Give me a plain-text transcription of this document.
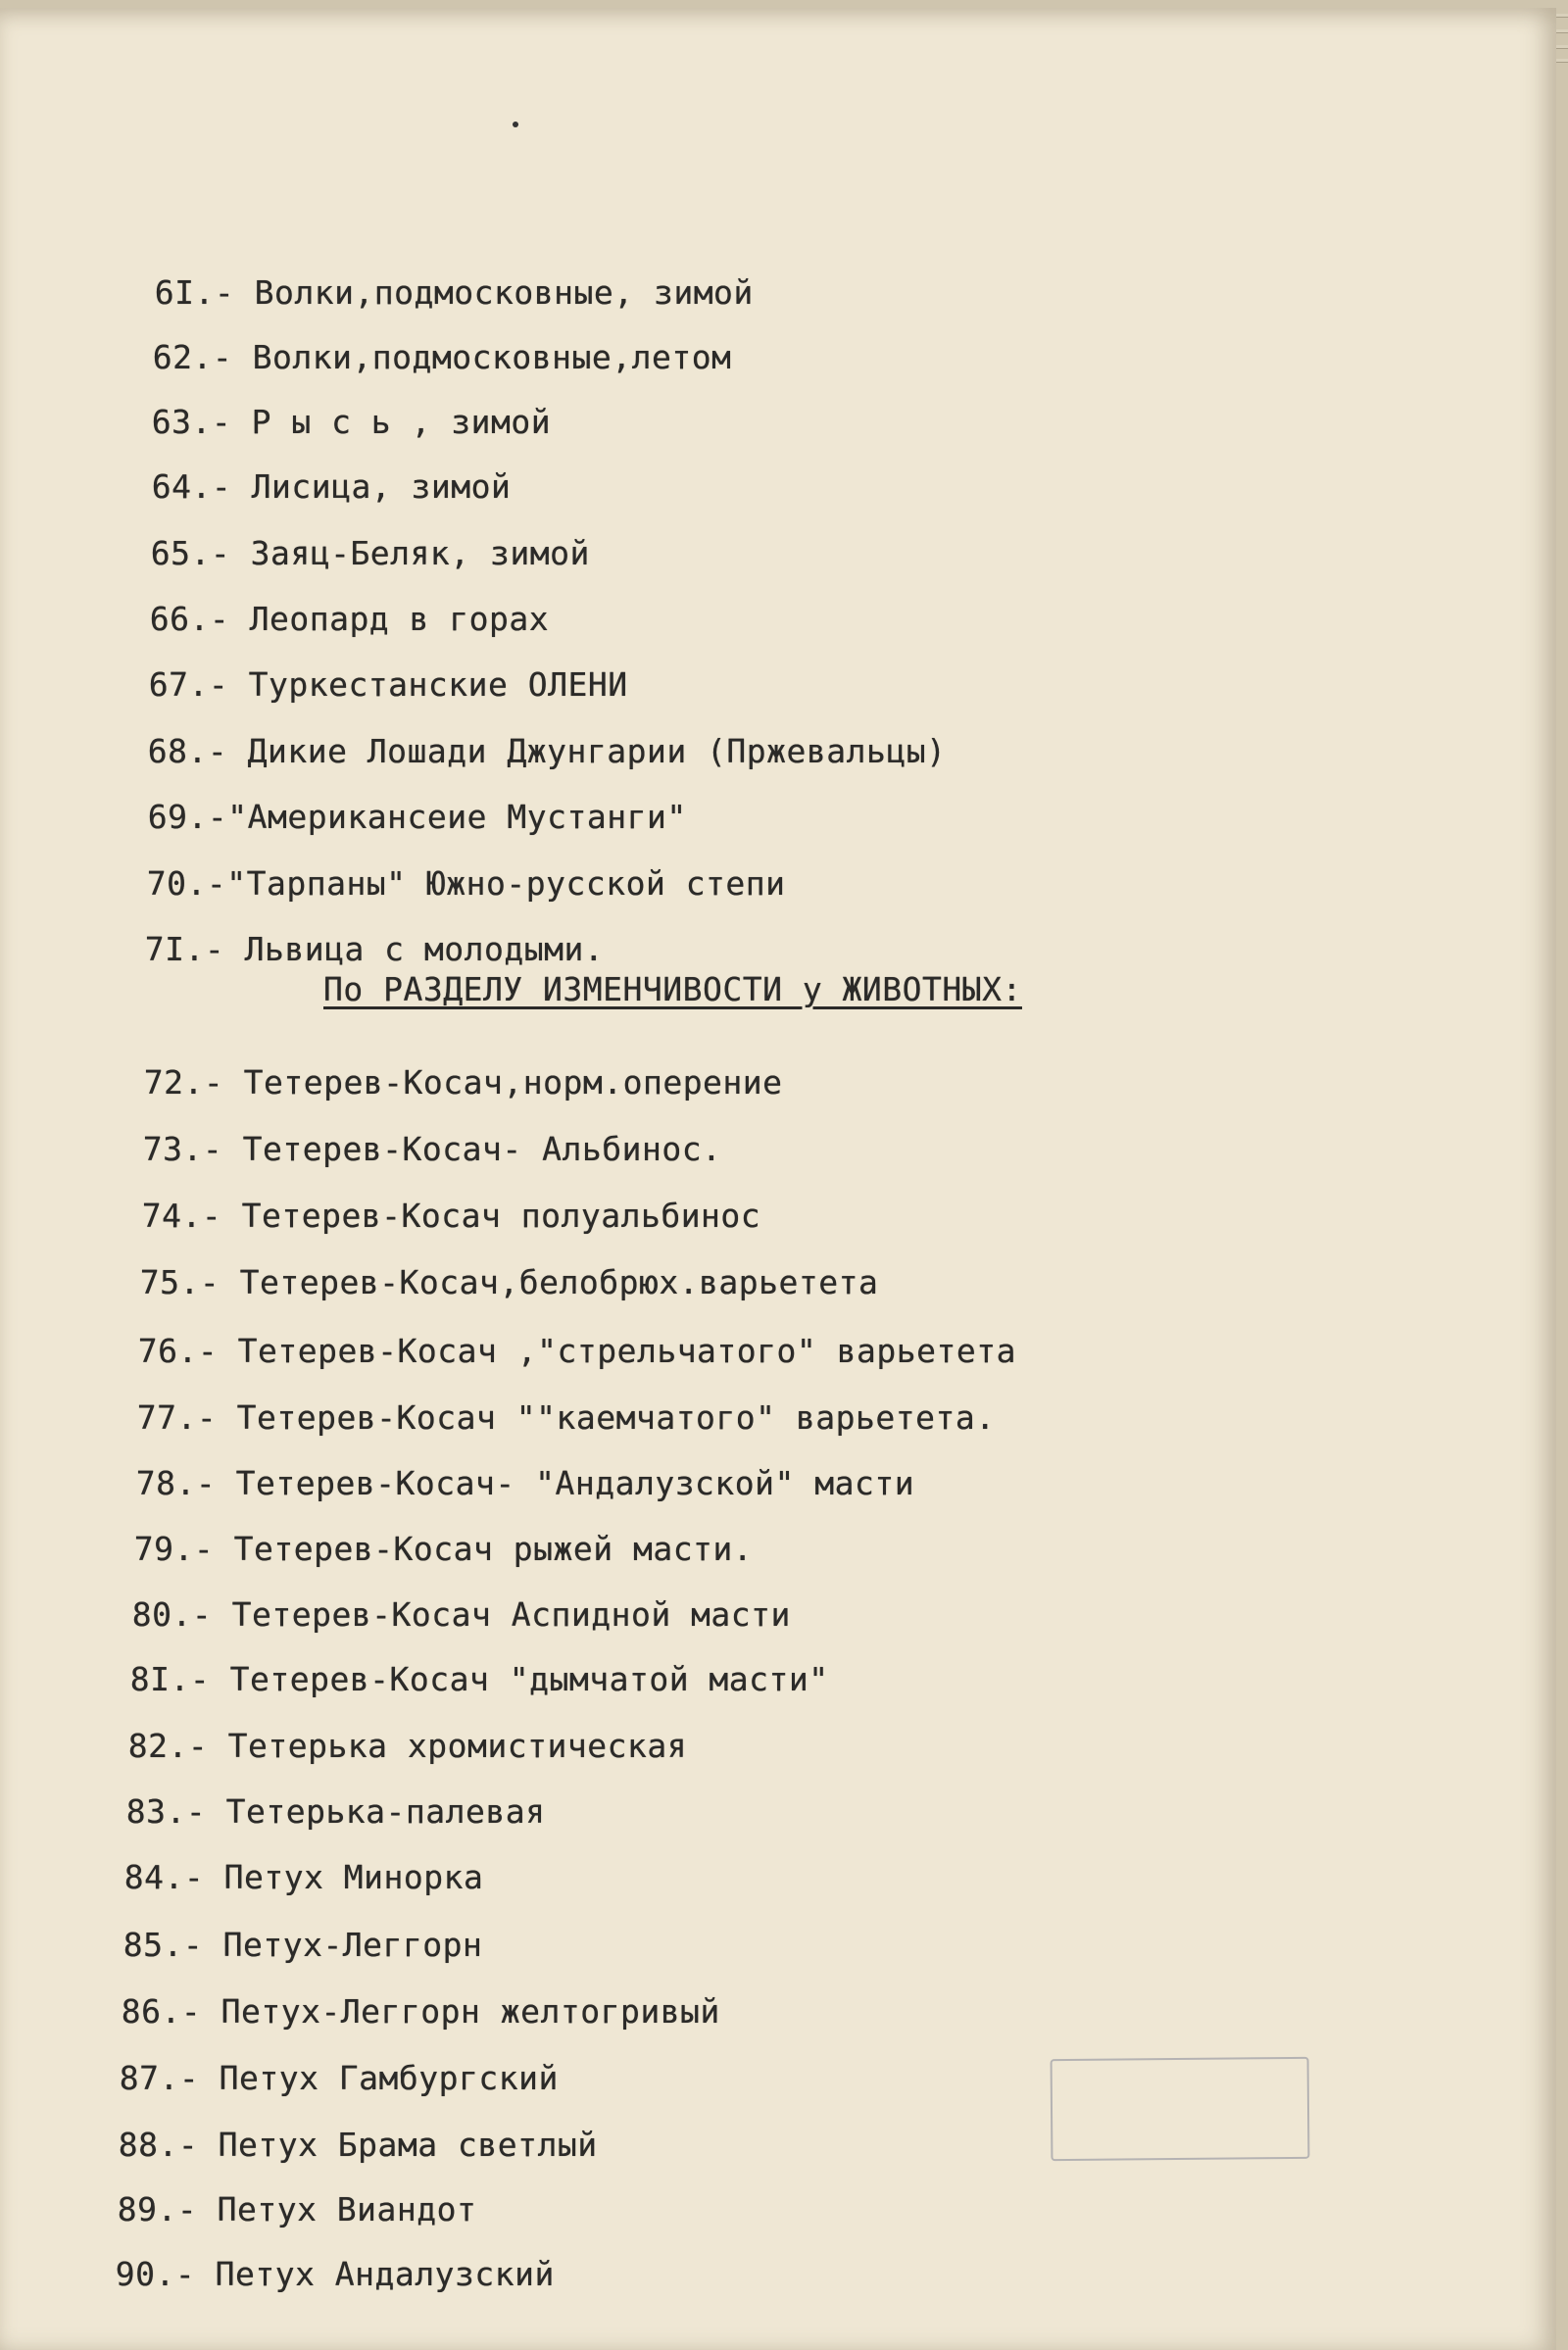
6I.- Волки,подмосковные, зимой

62.- Волки,подмосковные,летом

63.- Р ы с ь , зимой

64.- Лисица, зимой

65.- Заяц-Беляк, зимой

66.- Леопард в горах

67.- Туркестанские ОЛЕНИ

68.- Дикие Лошади Джунгарии (Пржевальцы)

69.-"Американсеие Мустанги"

70.-"Тарпаны" Южно-русской степи

7I.- Львица с молодыми.

По РАЗДЕЛУ ИЗМЕНЧИВОСТИ у ЖИВОТНЫХ:

72.- Тетерев-Косач,норм.оперение

73.- Тетерев-Косач- Альбинос.

74.- Тетерев-Косач полуальбинос

75.- Тетерев-Косач,белобрюх.варьетета

76.- Тетерев-Косач ,"стрельчатого" варьетета

77.- Тетерев-Косач ""каемчатого" варьетета.

78.- Тетерев-Косач- "Андалузской" масти

79.- Тетерев-Косач рыжей масти.

80.- Тетерев-Косач Аспидной масти

8I.- Тетерев-Косач "дымчатой масти"

82.- Тетерька хромистическая

83.- Тетерька-палевая

84.- Петух Минорка

85.- Петух-Леггорн

86.- Петух-Леггорн желтогривый

87.- Петух Гамбургский

88.- Петух Брама светлый

89.- Петух Виандот

90.- Петух Андалузский
